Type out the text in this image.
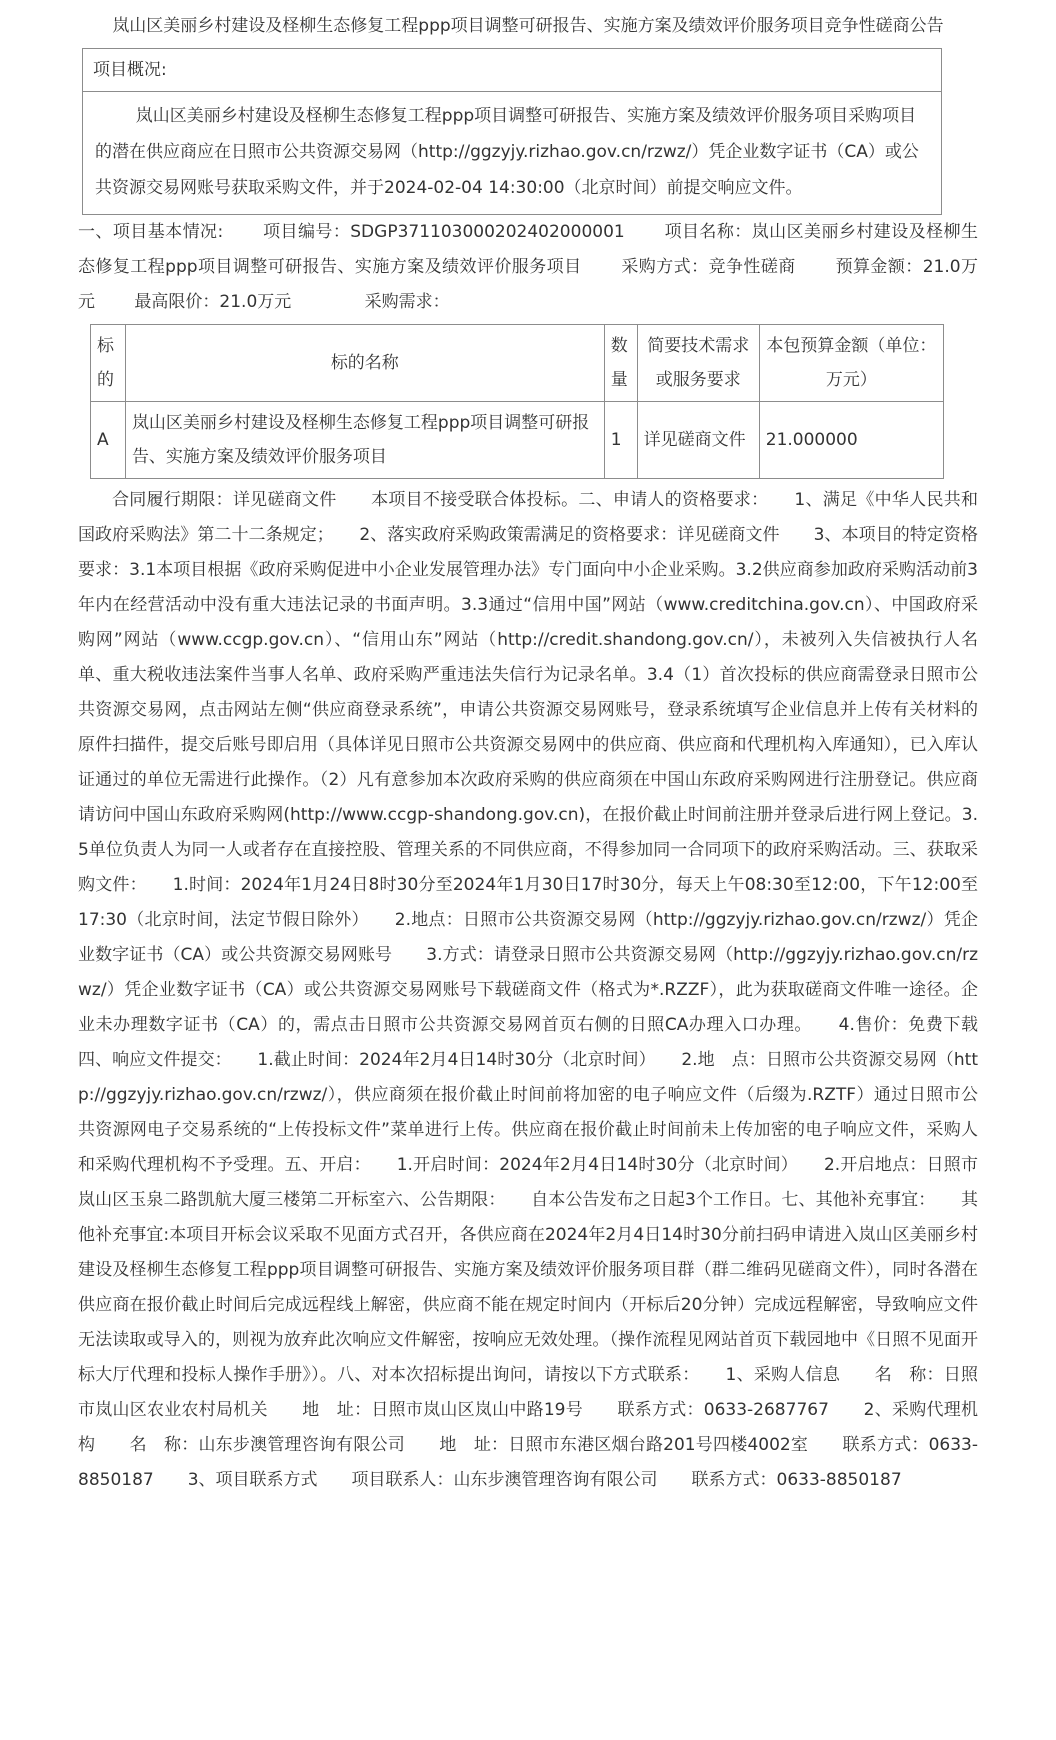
岚山区美丽乡村建设及柽柳生态修复工程ppp项目调整可研报告、实施方案及绩效评价服务项目竞争性磋商公告
项目概况:
岚山区美丽乡村建设及柽柳生态修复工程ppp项目调整可研报告、实施方案及绩效评价服务项目采购项目的潜在供应商应在日照市公共资源交易网（http://ggzyjy.rizhao.gov.cn/rzwz/）凭企业数字证书（CA）或公共资源交易网账号获取采购文件，并于2024-02-04 14:30:00（北京时间）前提交响应文件。
一、项目基本情况:   项目编号：SDGP371103000202402000001   项目名称：岚山区美丽乡村建设及柽柳生态修复工程ppp项目调整可研报告、实施方案及绩效评价服务项目   采购方式：竞争性磋商   预算金额：21.0万元   最高限价：21.0万元    	采购需求：
标的	标的名称	数量	简要技术需求或服务要求	本包预算金额（单位：万元）
A	岚山区美丽乡村建设及柽柳生态修复工程ppp项目调整可研报告、实施方案及绩效评价服务项目	1	详见磋商文件	21.000000
合同履行期限：详见磋商文件　　本项目不接受联合体投标。二、申请人的资格要求：　　1、满足《中华人民共和国政府采购法》第二十二条规定；　　2、落实政府采购政策需满足的资格要求：详见磋商文件　　3、本项目的特定资格要求：3.1本项目根据《政府采购促进中小企业发展管理办法》专门面向中小企业采购。3.2供应商参加政府采购活动前3年内在经营活动中没有重大违法记录的书面声明。3.3通过“信用中国”网站（www.creditchina.gov.cn）、中国政府采购网”网站（www.ccgp.gov.cn）、“信用山东”网站（http://credit.shandong.gov.cn/），未被列入失信被执行人名单、重大税收违法案件当事人名单、政府采购严重违法失信行为记录名单。3.4（1）首次投标的供应商需登录日照市公共资源交易网，点击网站左侧“供应商登录系统”，申请公共资源交易网账号，登录系统填写企业信息并上传有关材料的原件扫描件，提交后账号即启用（具体详见日照市公共资源交易网中的供应商、供应商和代理机构入库通知），已入库认证通过的单位无需进行此操作。（2）凡有意参加本次政府采购的供应商须在中国山东政府采购网进行注册登记。供应商请访问中国山东政府采购网(http://www.ccgp-shandong.gov.cn)，在报价截止时间前注册并登录后进行网上登记。3.5单位负责人为同一人或者存在直接控股、管理关系的不同供应商，不得参加同一合同项下的政府采购活动。三、获取采购文件：　　1.时间：2024年1月24日8时30分至2024年1月30日17时30分，每天上午08:30至12:00，下午12:00至17:30（北京时间，法定节假日除外）　　2.地点：日照市公共资源交易网（http://ggzyjy.rizhao.gov.cn/rzwz/）凭企业数字证书（CA）或公共资源交易网账号　　3.方式：请登录日照市公共资源交易网（http://ggzyjy.rizhao.gov.cn/rzwz/）凭企业数字证书（CA）或公共资源交易网账号下载磋商文件（格式为*.RZZF），此为获取磋商文件唯一途径。企业未办理数字证书（CA）的，需点击日照市公共资源交易网首页右侧的日照CA办理入口办理。　　4.售价：免费下载四、响应文件提交：　　1.截止时间：2024年2月4日14时30分（北京时间）　　2.地　点：日照市公共资源交易网（http://ggzyjy.rizhao.gov.cn/rzwz/），供应商须在报价截止时间前将加密的电子响应文件（后缀为.RZTF）通过日照市公共资源网电子交易系统的“上传投标文件”菜单进行上传。供应商在报价截止时间前未上传加密的电子响应文件，采购人和采购代理机构不予受理。五、开启：　　1.开启时间：2024年2月4日14时30分（北京时间）　　2.开启地点：日照市岚山区玉泉二路凯航大厦三楼第二开标室六、公告期限：　　自本公告发布之日起3个工作日。七、其他补充事宜：　　其他补充事宜:本项目开标会议采取不见面方式召开，各供应商在2024年2月4日14时30分前扫码申请进入岚山区美丽乡村建设及柽柳生态修复工程ppp项目调整可研报告、实施方案及绩效评价服务项目群（群二维码见磋商文件），同时各潜在供应商在报价截止时间后完成远程线上解密，供应商不能在规定时间内（开标后20分钟）完成远程解密，导致响应文件无法读取或导入的，则视为放弃此次响应文件解密，按响应无效处理。（操作流程见网站首页下载园地中《日照不见面开标大厅代理和投标人操作手册》）。八、对本次招标提出询问，请按以下方式联系：　　1、采购人信息　　名　称：日照市岚山区农业农村局机关　　地　址：日照市岚山区岚山中路19号　　联系方式：0633-2687767　　2、采购代理机构　　名　称：山东步澳管理咨询有限公司　　地　址：日照市东港区烟台路201号四楼4002室　　联系方式：0633-8850187　　3、项目联系方式　　项目联系人：山东步澳管理咨询有限公司　　联系方式：0633-8850187
